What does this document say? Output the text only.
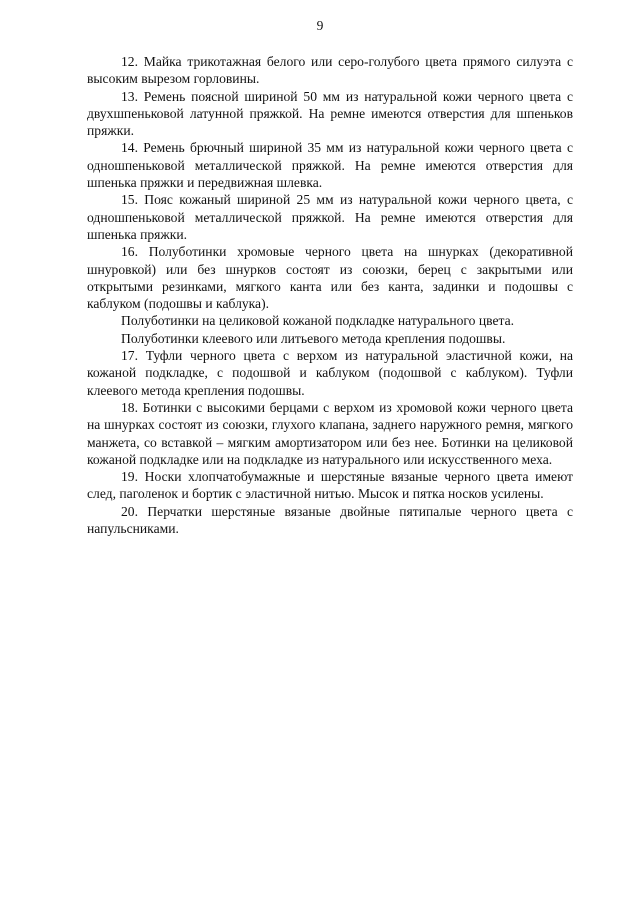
9

12. Майка трикотажная белого или серо-голубого цвета прямого силуэта с высоким вырезом горловины.

13. Ремень поясной шириной 50 мм из натуральной кожи черного цвета с двухшпеньковой латунной пряжкой. На ремне имеются отверстия для шпеньков пряжки.

14. Ремень брючный шириной 35 мм из натуральной кожи черного цвета с одношпеньковой металлической пряжкой. На ремне имеются отверстия для шпенька пряжки и передвижная шлевка.

15. Пояс кожаный шириной 25 мм из натуральной кожи черного цвета, с одношпеньковой металлической пряжкой. На ремне имеются отверстия для шпенька пряжки.

16. Полуботинки хромовые черного цвета на шнурках (декоративной шнуровкой) или без шнурков состоят из союзки, берец с закрытыми или открытыми резинками, мягкого канта или без канта, задинки и подошвы с каблуком (подошвы и каблука).

Полуботинки на целиковой кожаной подкладке натурального цвета.

Полуботинки клеевого или литьевого метода крепления подошвы.

17. Туфли черного цвета с верхом из натуральной эластичной кожи, на кожаной подкладке, с подошвой и каблуком (подошвой с каблуком). Туфли клеевого метода крепления подошвы.

18. Ботинки с высокими берцами с верхом из хромовой кожи черного цвета на шнурках состоят из союзки, глухого клапана, заднего наружного ремня, мягкого манжета, со вставкой – мягким амортизатором или без нее. Ботинки на целиковой кожаной подкладке или на подкладке из натурального или искусственного меха.

19. Носки хлопчатобумажные и шерстяные вязаные черного цвета имеют след, паголенок и бортик с эластичной нитью. Мысок и пятка носков усилены.

20. Перчатки шерстяные вязаные двойные пятипалые черного цвета с напульсниками.
